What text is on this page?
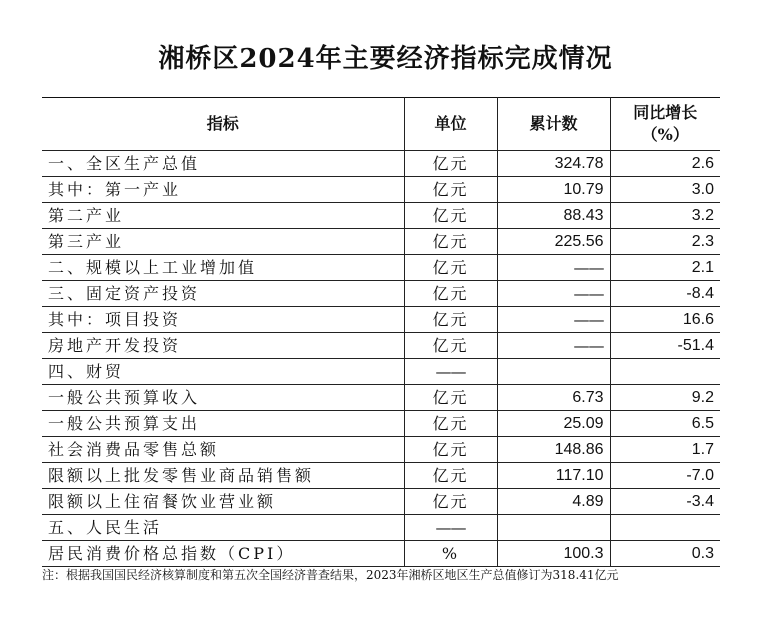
湘桥区2024年主要经济指标完成情况
指标	单位	累计数	同比增长
（%）

一、全区生产总值	亿元	324.78	2.6
其中：第一产业	亿元	10.79	3.0
第二产业	亿元	88.43	3.2
第三产业	亿元	225.56	2.3
二、规模以上工业增加值	亿元	——	2.1
三、固定资产投资	亿元	——	-8.4
其中：项目投资	亿元	——	16.6
房地产开发投资	亿元	——	-51.4
四、财贸	——		
一般公共预算收入	亿元	6.73	9.2
一般公共预算支出	亿元	25.09	6.5
社会消费品零售总额	亿元	148.86	1.7
限额以上批发零售业商品销售额	亿元	117.10	-7.0
限额以上住宿餐饮业营业额	亿元	4.89	-3.4
五、人民生活	——		
居民消费价格总指数（CPI）	%	100.3	0.3
注：根据我国国民经济核算制度和第五次全国经济普查结果，2023年湘桥区地区生产总值修订为318.41亿元
